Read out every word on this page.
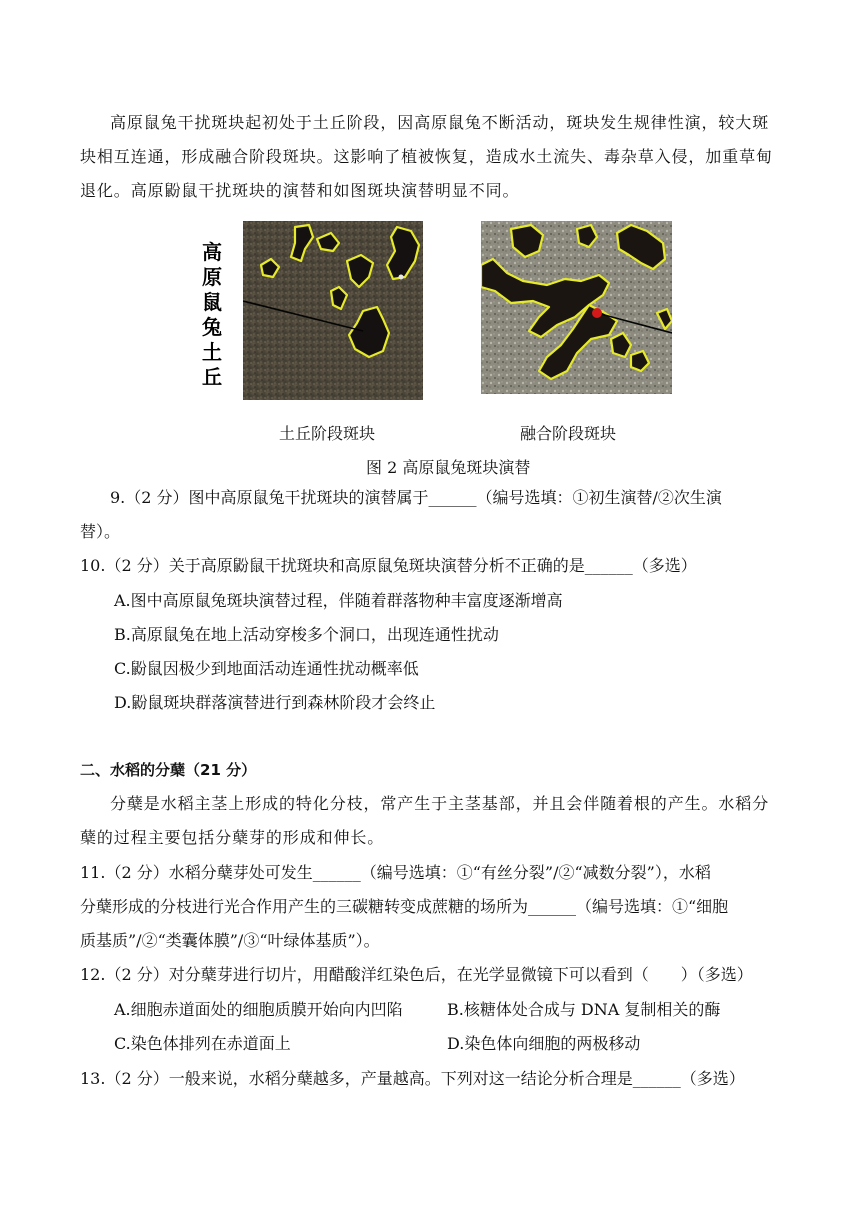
高原鼠兔干扰斑块起初处于土丘阶段，因高原鼠兔不断活动，斑块发生规律性演，较大斑
块相互连通，形成融合阶段斑块。这影响了植被恢复，造成水土流失、毒杂草入侵，加重草甸
退化。高原鼢鼠干扰斑块的演替和如图斑块演替明显不同。
高
原
鼠
兔
土
丘
土丘阶段斑块	融合阶段斑块
图 2 高原鼠兔斑块演替
9.（2 分）图中高原鼠兔干扰斑块的演替属于______（编号选填：①初生演替/②次生演
替）。
10.（2 分）关于高原鼢鼠干扰斑块和高原鼠兔斑块演替分析不正确的是______（多选）
A.图中高原鼠兔斑块演替过程，伴随着群落物种丰富度逐渐增高
B.高原鼠兔在地上活动穿梭多个洞口，出现连通性扰动
C.鼢鼠因极少到地面活动连通性扰动概率低
D.鼢鼠斑块群落演替进行到森林阶段才会终止
二、水稻的分蘖（21 分）
分蘖是水稻主茎上形成的特化分枝，常产生于主茎基部，并且会伴随着根的产生。水稻分
蘖的过程主要包括分蘖芽的形成和伸长。
11.（2 分）水稻分蘖芽处可发生______（编号选填：①“有丝分裂”/②“减数分裂”），水稻
分蘖形成的分枝进行光合作用产生的三碳糖转变成蔗糖的场所为______（编号选填：①“细胞
质基质”/②“类囊体膜”/③“叶绿体基质”）。
12.（2 分）对分蘖芽进行切片，用醋酸洋红染色后，在光学显微镜下可以看到（　　）（多选）
A.细胞赤道面处的细胞质膜开始向内凹陷	B.核糖体处合成与 DNA 复制相关的酶
C.染色体排列在赤道面上	D.染色体向细胞的两极移动
13.（2 分）一般来说，水稻分蘖越多，产量越高。下列对这一结论分析合理是______（多选）
